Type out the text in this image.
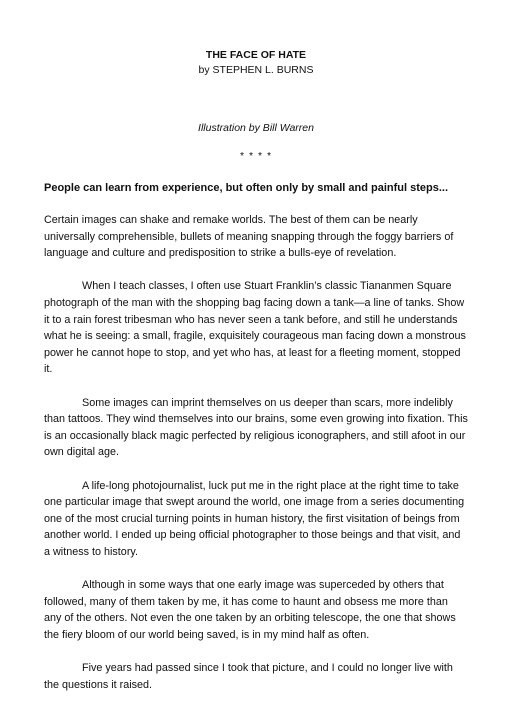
THE FACE OF HATE

by STEPHEN L. BURNS

Illustration by Bill Warren

* * * *

People can learn from experience, but often only by small and painful steps...

Certain images can shake and remake worlds. The best of them can be nearly universally comprehensible, bullets of meaning snapping through the foggy barriers of language and culture and predisposition to strike a bulls-eye of revelation.

When I teach classes, I often use Stuart Franklin’s classic Tiananmen Square photograph of the man with the shopping bag facing down a tank—a line of tanks. Show it to a rain forest tribesman who has never seen a tank before, and still he understands what he is seeing: a small, fragile, exquisitely courageous man facing down a monstrous power he cannot hope to stop, and yet who has, at least for a fleeting moment, stopped it.

Some images can imprint themselves on us deeper than scars, more indelibly than tattoos. They wind themselves into our brains, some even growing into fixation. This is an occasionally black magic perfected by religious iconographers, and still afoot in our own digital age.

A life-long photojournalist, luck put me in the right place at the right time to take one particular image that swept around the world, one image from a series documenting one of the most crucial turning points in human history, the first visitation of beings from another world. I ended up being official photographer to those beings and that visit, and a witness to history.

Although in some ways that one early image was superceded by others that followed, many of them taken by me, it has come to haunt and obsess me more than any of the others. Not even the one taken by an orbiting telescope, the one that shows the fiery bloom of our world being saved, is in my mind half as often.

Five years had passed since I took that picture, and I could no longer live with the questions it raised.
